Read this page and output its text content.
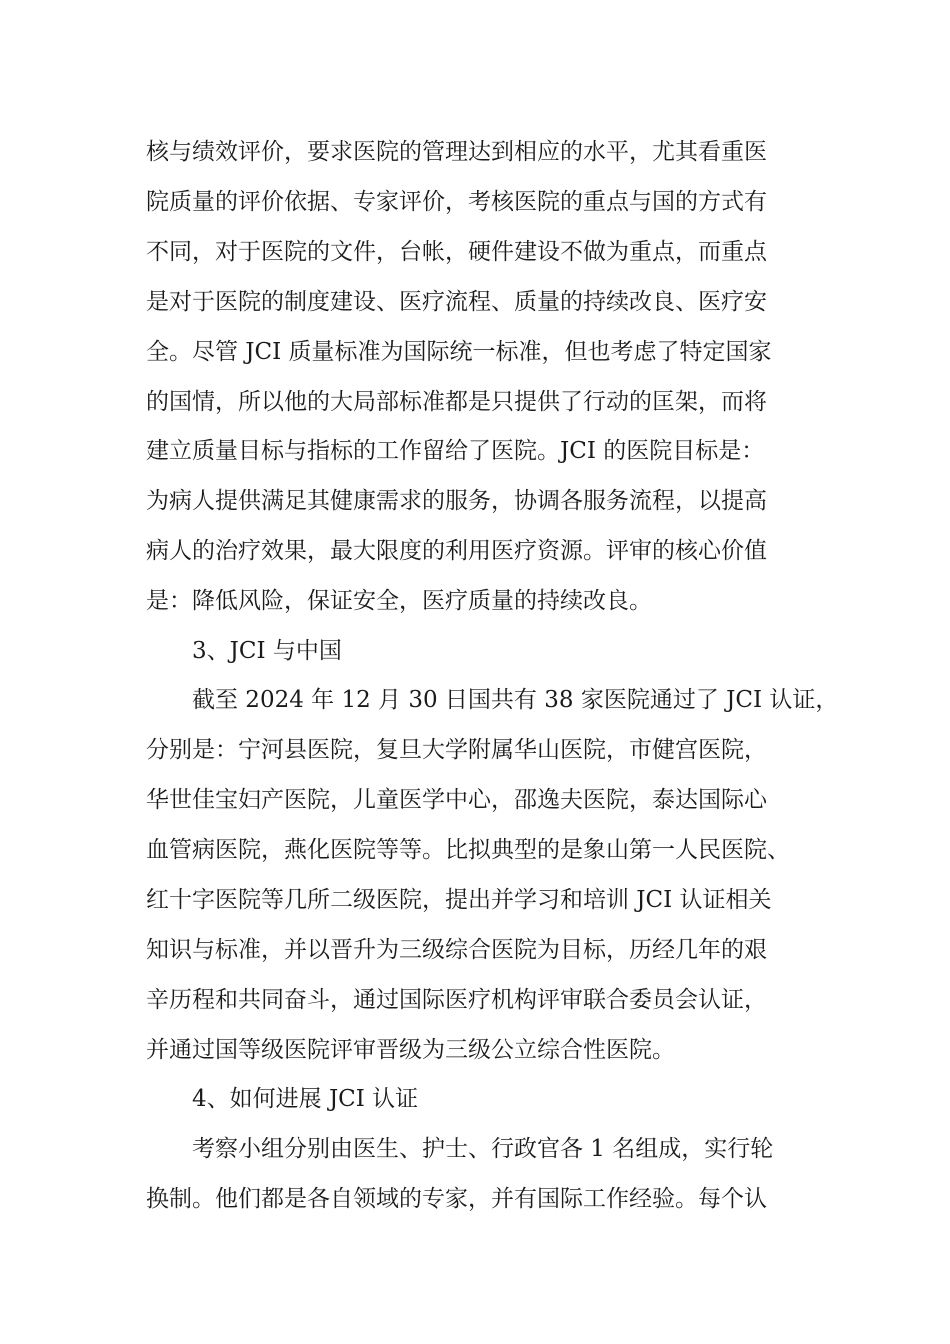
核与绩效评价，要求医院的管理达到相应的水平，尤其看重医
院质量的评价依据、专家评价，考核医院的重点与国的方式有
不同，对于医院的文件，台帐，硬件建设不做为重点，而重点
是对于医院的制度建设、医疗流程、质量的持续改良、医疗安
全。尽管 JCI 质量标准为国际统一标准，但也考虑了特定国家
的国情，所以他的大局部标准都是只提供了行动的匡架，而将
建立质量目标与指标的工作留给了医院。JCI 的医院目标是：
为病人提供满足其健康需求的服务，协调各服务流程，以提高
病人的治疗效果，最大限度的利用医疗资源。评审的核心价值
是：降低风险，保证安全，医疗质量的持续改良。
3、JCI 与中国
截至 2024 年 12 月 30 日国共有 38 家医院通过了 JCI 认证，
分别是：宁河县医院，复旦大学附属华山医院，市健宫医院，
华世佳宝妇产医院，儿童医学中心，邵逸夫医院，泰达国际心
血管病医院，燕化医院等等。比拟典型的是象山第一人民医院、
红十字医院等几所二级医院，提出并学习和培训 JCI 认证相关
知识与标准，并以晋升为三级综合医院为目标，历经几年的艰
辛历程和共同奋斗，通过国际医疗机构评审联合委员会认证，
并通过国等级医院评审晋级为三级公立综合性医院。
4、如何进展 JCI 认证
考察小组分别由医生、护士、行政官各 1 名组成，实行轮
换制。他们都是各自领域的专家，并有国际工作经验。每个认
